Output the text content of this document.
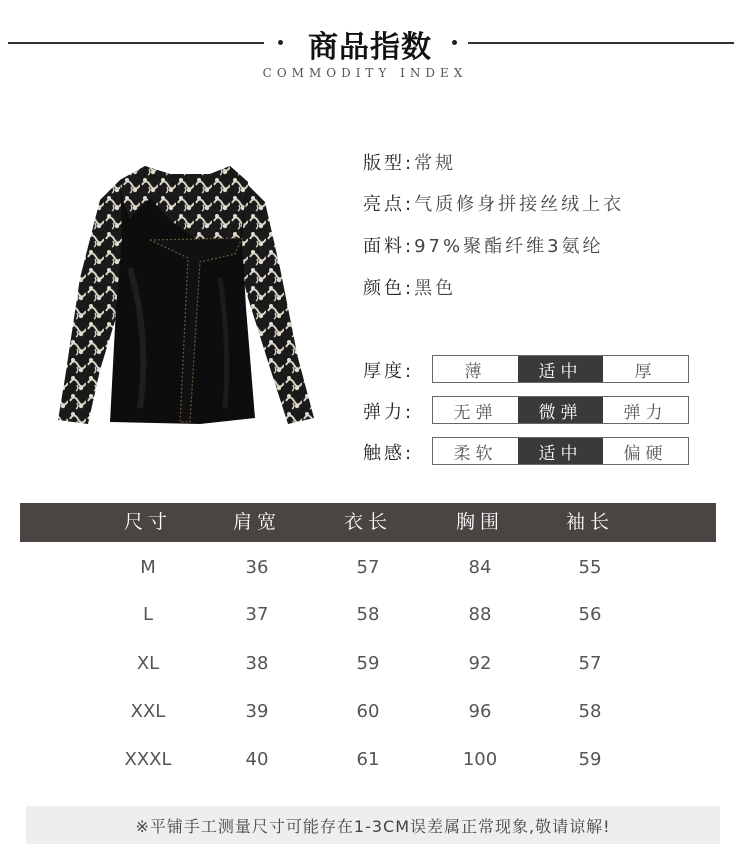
商品指数
COMMODITY INDEX
版型:常规
亮点:气质修身拼接丝绒上衣
面料:97%聚酯纤维3氨纶
颜色:黑色
厚度:	薄	适中	厚
弹力:	无弹	微弹	弹力
触感:	柔软	适中	偏硬
尺寸	肩宽	衣长	胸围	袖长
M	36	57	84	55
L	37	58	88	56
XL	38	59	92	57
XXL	39	60	96	58
XXXL	40	61	100	59
※平铺手工测量尺寸可能存在1-3CM误差属正常现象,敬请谅解!
